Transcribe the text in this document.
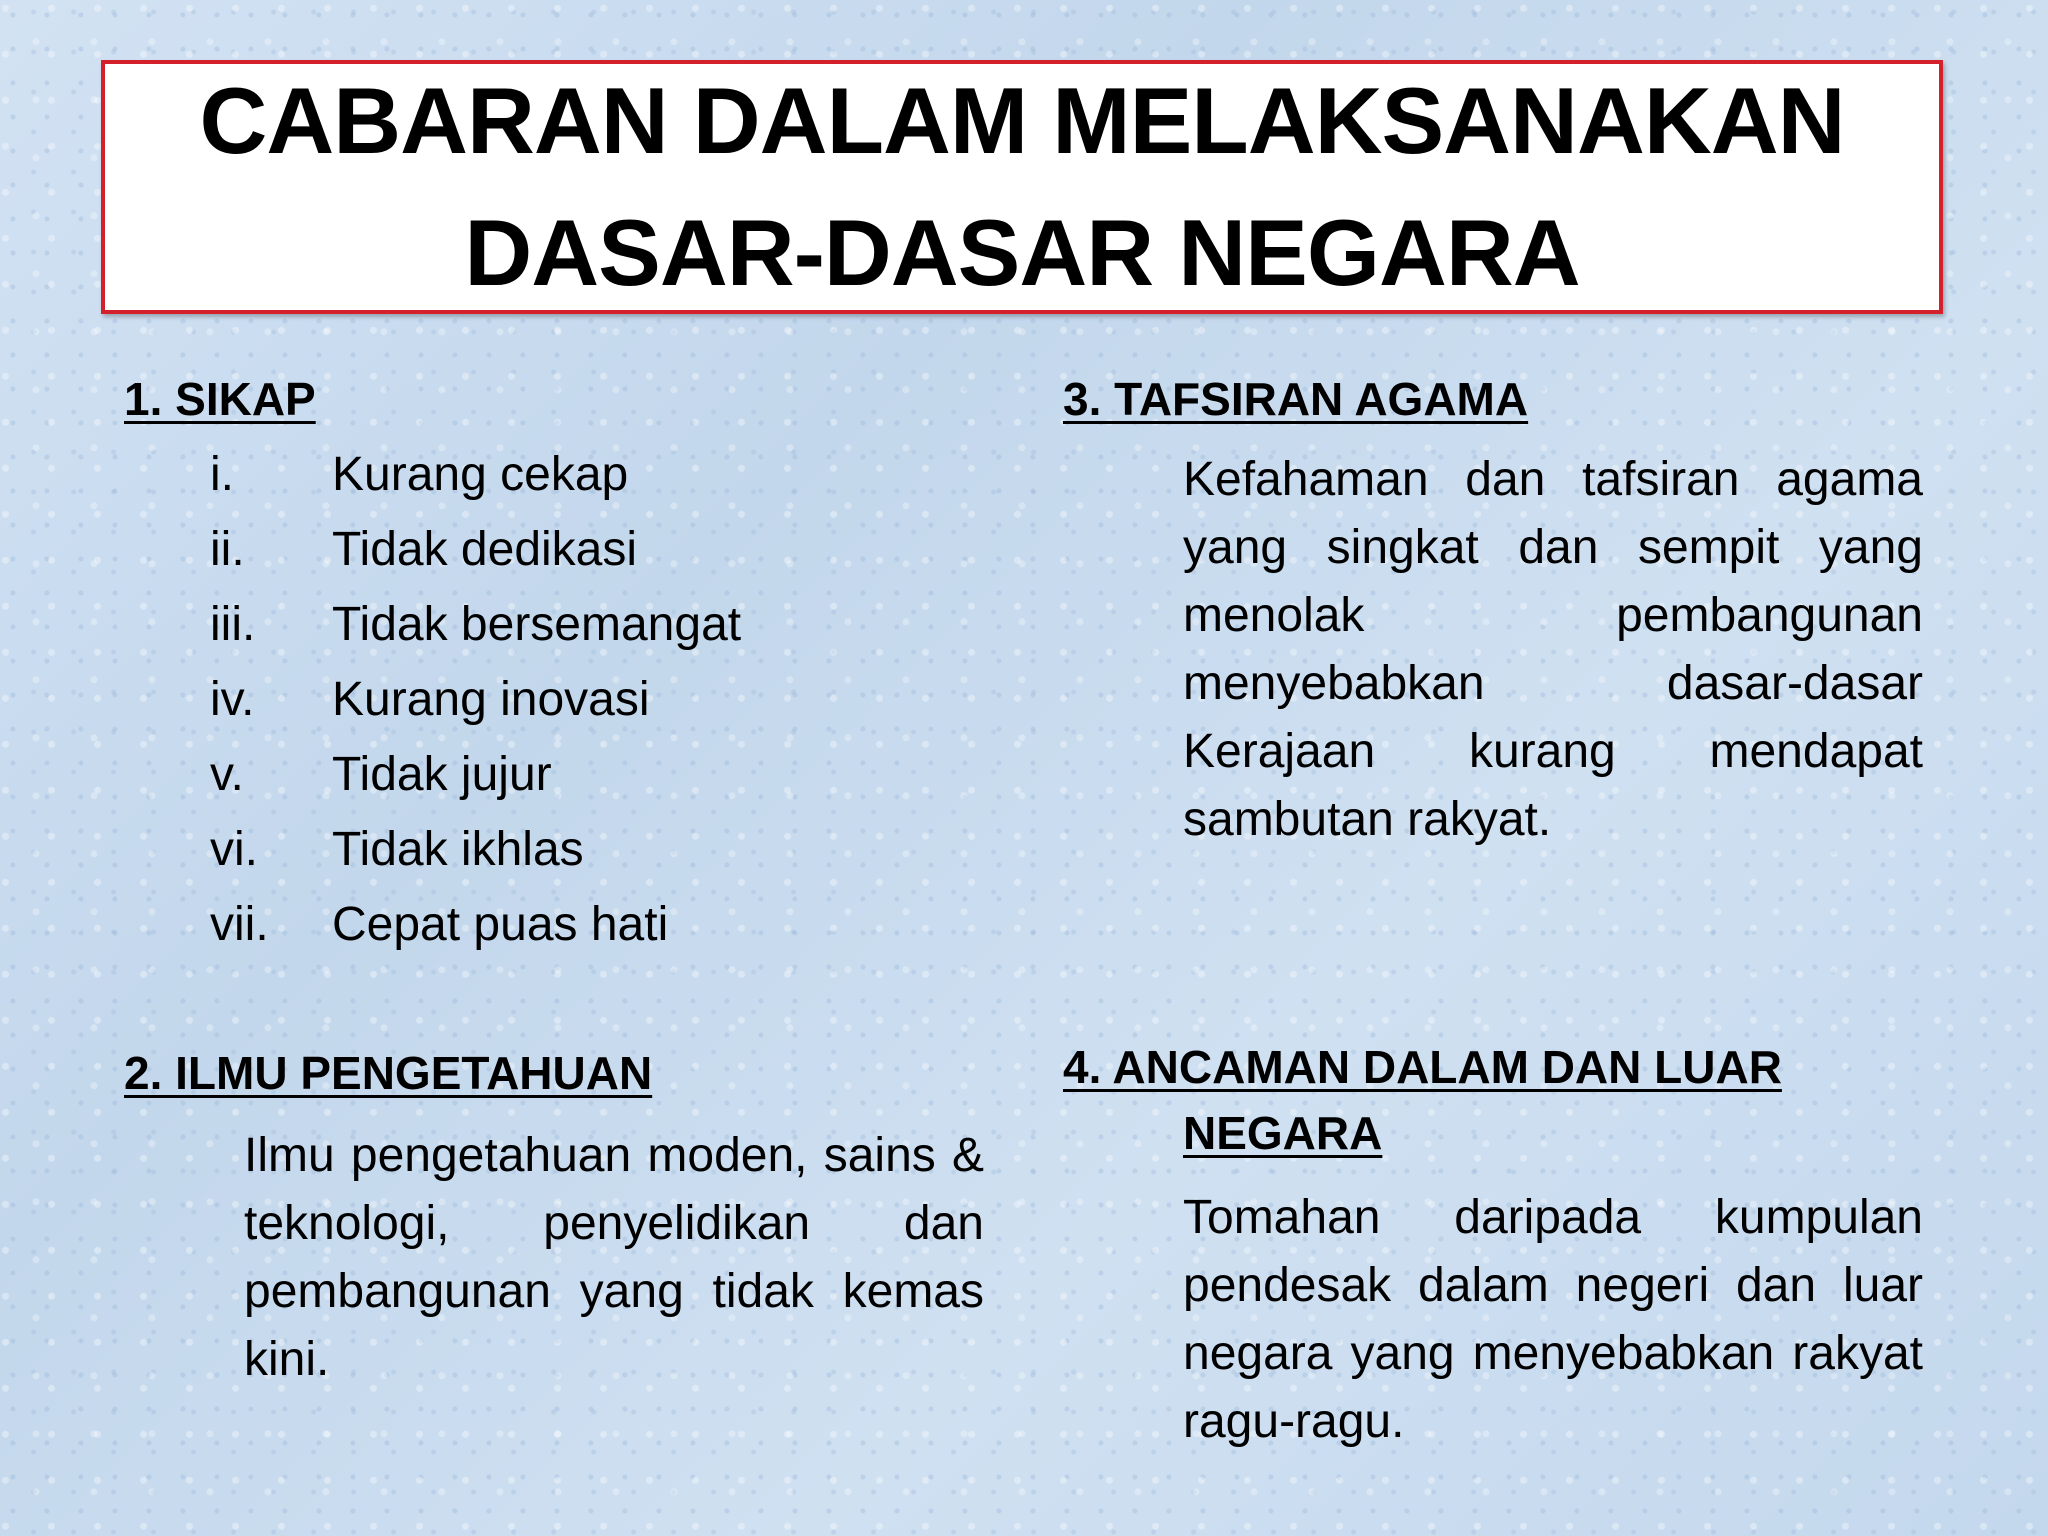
CABARAN DALAM MELAKSANAKAN
DASAR-DASAR NEGARA
1. SIKAP
i.	Kurang cekap
ii.	Tidak dedikasi
iii.	Tidak bersemangat
iv.	Kurang inovasi
v.	Tidak jujur
vi.	Tidak ikhlas
vii.	Cepat puas hati
2. ILMU PENGETAHUAN

Ilmu pengetahuan moden, sains & teknologi, penyelidikan dan pembangunan yang tidak kemas kini.

3. TAFSIRAN AGAMA

Kefahaman dan tafsiran agama yang singkat dan sempit yang menolak pembangunan menyebabkan dasar-dasar Kerajaan kurang mendapat sambutan rakyat.

4. ANCAMAN DALAM DAN LUAR
NEGARA

Tomahan daripada kumpulan pendesak dalam negeri dan luar negara yang menyebabkan rakyat ragu-ragu.
